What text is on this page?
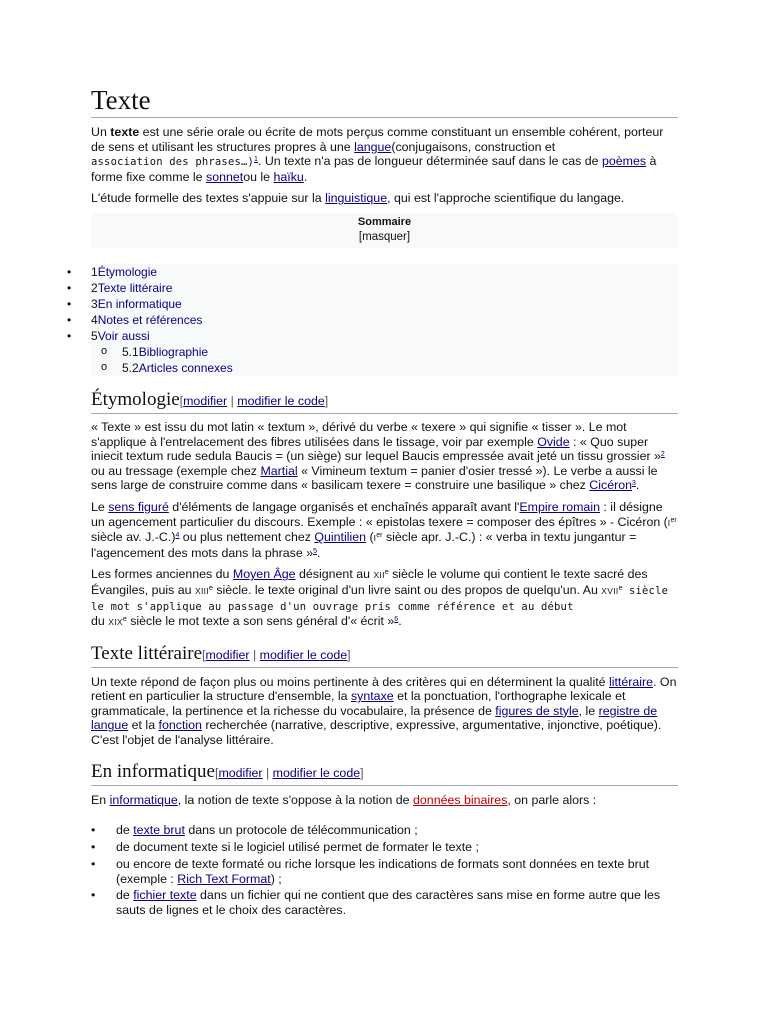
Texte

Un texte est une série orale ou écrite de mots perçus comme constituant un ensemble cohérent, porteur de sens et utilisant les structures propres à une langue(conjugaisons, construction et
association des phrases…)$^1$. Un texte n'a pas de longueur déterminée sauf dans le cas de poèmes à forme fixe comme le sonnetou le haïku.

L'étude formelle des textes s'appuie sur la linguistique, qui est l'approche scientifique du langage.

Sommaire
[masquer]
• 1Étymologie
• 2Texte littéraire
• 3En informatique
• 4Notes et références
• 5Voir aussi
o 5.1Bibliographie
o 5.2Articles connexes
Étymologie[modifier | modifier le code]

« Texte » est issu du mot latin « textum », dérivé du verbe « texere » qui signifie « tisser ». Le mot s'applique à l'entrelacement des fibres utilisées dans le tissage, voir par exemple Ovide : « Quo super iniecit textum rude sedula Baucis = (un siège) sur lequel Baucis empressée avait jeté un tissu grossier »$^2$ ou au tressage (exemple chez Martial « Vimineum textum = panier d'osier tressé »). Le verbe a aussi le sens large de construire comme dans « basilicam texere = construire une basilique » chez Cicéron$^3$.

Le sens figuré d'éléments de langage organisés et enchaînés apparaît avant l'Empire romain : il désigne un agencement particulier du discours. Exemple : « epistolas texere = composer des épîtres » - Cicéron (Ier siècle av. J.-C.)$^4$ ou plus nettement chez Quintilien (Ier siècle apr. J.-C.) : « verba in textu jungantur = l'agencement des mots dans la phrase »$^5$.

Les formes anciennes du Moyen Âge désignent au XIIe siècle le volume qui contient le texte sacré des Évangiles, puis au XIIIe siècle. le texte original d'un livre saint ou des propos de quelqu'un. Au XVIIe siècle le mot s'applique au passage d'un ouvrage pris comme référence et au début
du XIXe siècle le mot texte a son sens général d'« écrit »$^6$.

Texte littéraire[modifier | modifier le code]

Un texte répond de façon plus ou moins pertinente à des critères qui en déterminent la qualité littéraire. On retient en particulier la structure d'ensemble, la syntaxe et la ponctuation, l'orthographe lexicale et grammaticale, la pertinence et la richesse du vocabulaire, la présence de figures de style, le registre de langue et la fonction recherchée (narrative, descriptive, expressive, argumentative, injonctive, poétique). C'est l'objet de l'analyse littéraire.

En informatique[modifier | modifier le code]

En informatique, la notion de texte s'oppose à la notion de données binaires, on parle alors :

• de texte brut dans un protocole de télécommunication ;
• de document texte si le logiciel utilisé permet de formater le texte ;
• ou encore de texte formaté ou riche lorsque les indications de formats sont données en texte brut (exemple : Rich Text Format) ;
• de fichier texte dans un fichier qui ne contient que des caractères sans mise en forme autre que les sauts de lignes et le choix des caractères.
